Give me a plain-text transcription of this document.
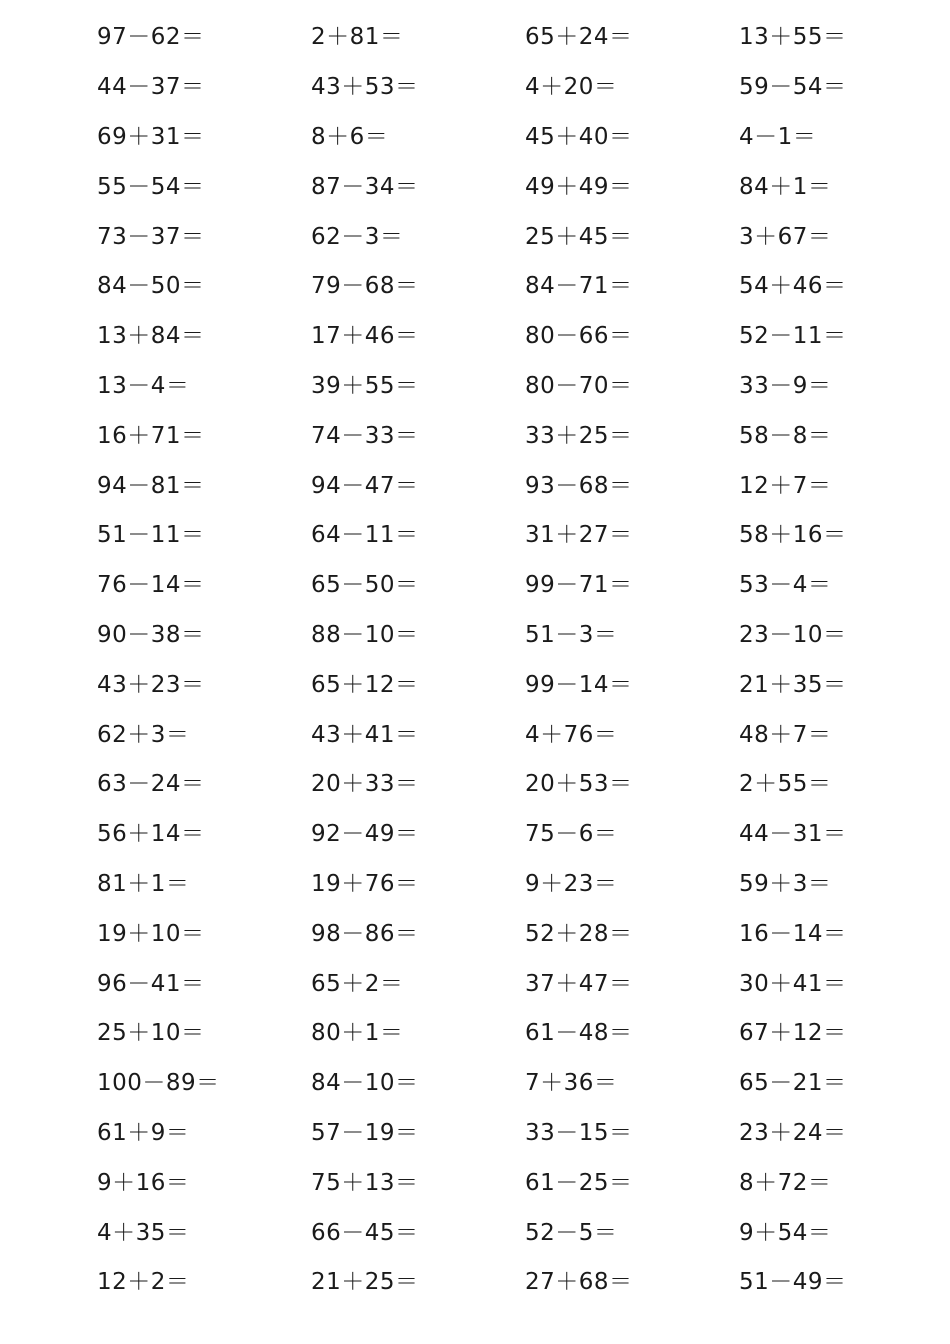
97－62＝	2＋81＝	65＋24＝	13＋55＝
44－37＝	43＋53＝	4＋20＝	59－54＝
69＋31＝	8＋6＝	45＋40＝	4－1＝
55－54＝	87－34＝	49＋49＝	84＋1＝
73－37＝	62－3＝	25＋45＝	3＋67＝
84－50＝	79－68＝	84－71＝	54＋46＝
13＋84＝	17＋46＝	80－66＝	52－11＝
13－4＝	39＋55＝	80－70＝	33－9＝
16＋71＝	74－33＝	33＋25＝	58－8＝
94－81＝	94－47＝	93－68＝	12＋7＝
51－11＝	64－11＝	31＋27＝	58＋16＝
76－14＝	65－50＝	99－71＝	53－4＝
90－38＝	88－10＝	51－3＝	23－10＝
43＋23＝	65＋12＝	99－14＝	21＋35＝
62＋3＝	43＋41＝	4＋76＝	48＋7＝
63－24＝	20＋33＝	20＋53＝	2＋55＝
56＋14＝	92－49＝	75－6＝	44－31＝
81＋1＝	19＋76＝	9＋23＝	59＋3＝
19＋10＝	98－86＝	52＋28＝	16－14＝
96－41＝	65＋2＝	37＋47＝	30＋41＝
25＋10＝	80＋1＝	61－48＝	67＋12＝
100－89＝	84－10＝	7＋36＝	65－21＝
61＋9＝	57－19＝	33－15＝	23＋24＝
9＋16＝	75＋13＝	61－25＝	8＋72＝
4＋35＝	66－45＝	52－5＝	9＋54＝
12＋2＝	21＋25＝	27＋68＝	51－49＝
